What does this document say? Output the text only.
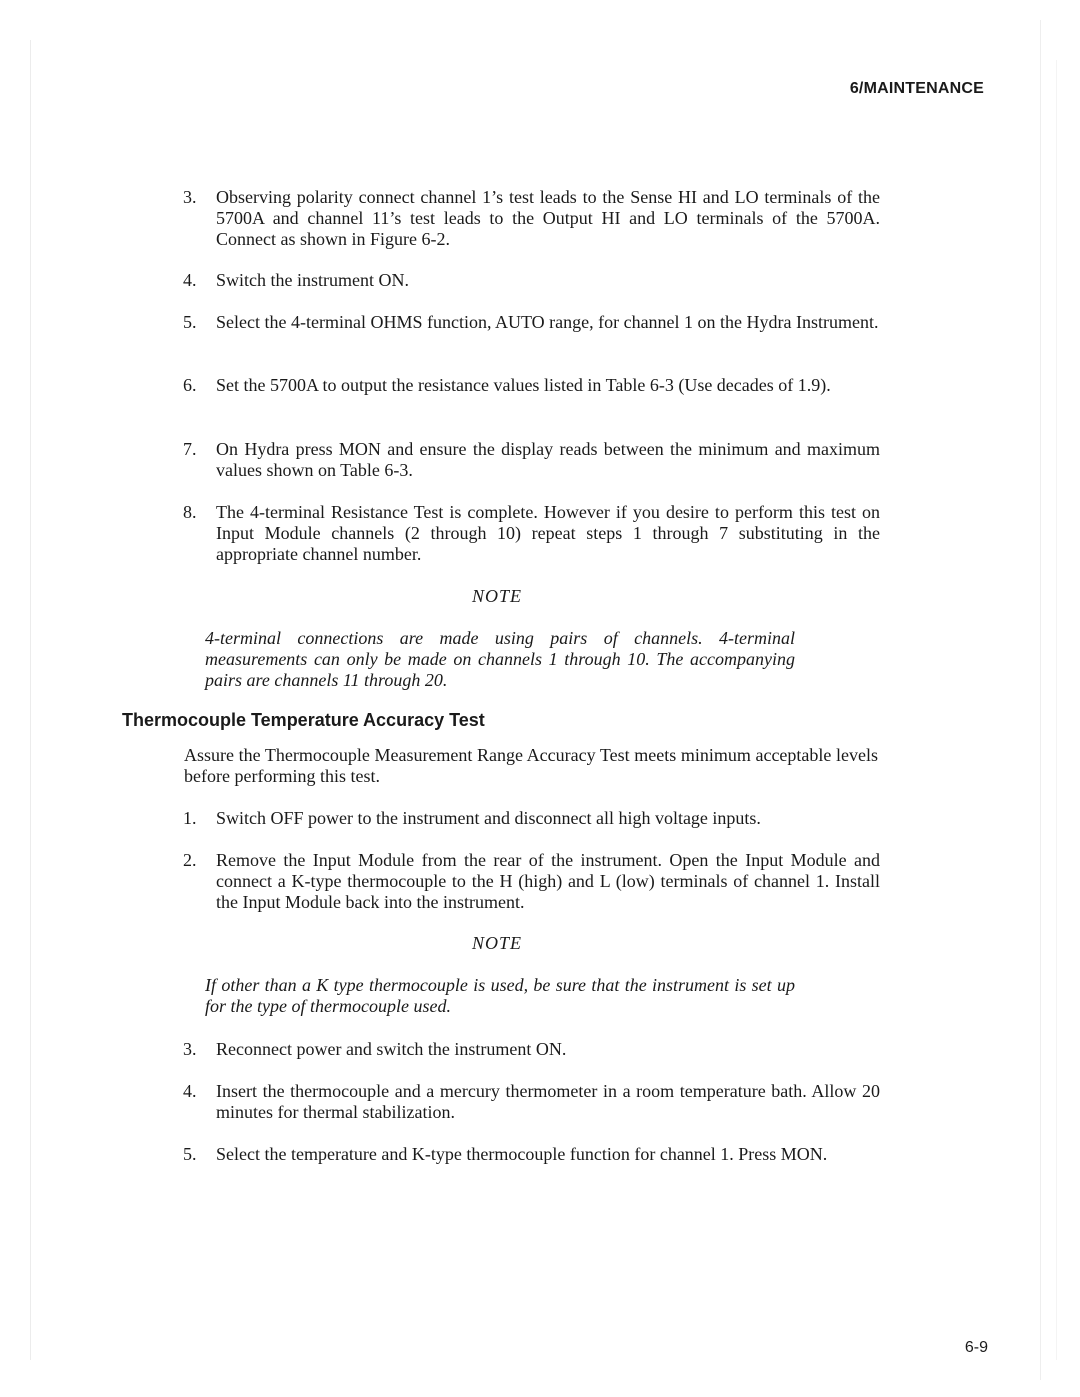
6/MAINTENANCE

3.	Observing polarity connect channel 1’s test leads to the Sense HI and LO terminals of the 5700A and channel 11’s test leads to the Output HI and LO terminals of the 5700A. Connect as shown in Figure 6-2.

4.	Switch the instrument ON.

5.	Select the 4-terminal OHMS function, AUTO range, for channel 1 on the Hydra Instrument.

6.	Set the 5700A to output the resistance values listed in Table 6-3 (Use decades of 1.9).

7.	On Hydra press MON and ensure the display reads between the minimum and maximum values shown on Table 6-3.

8.	The 4-terminal Resistance Test is complete. However if you desire to perform this test on Input Module channels (2 through 10) repeat steps 1 through 7 substituting in the appropriate channel number.

NOTE
4-terminal connections are made using pairs of channels. 4-terminal measurements can only be made on channels 1 through 10. The accompanying pairs are channels 11 through 20.
Thermocouple Temperature Accuracy Test
Assure the Thermocouple Measurement Range Accuracy Test meets minimum acceptable levels before performing this test.

1.	Switch OFF power to the instrument and disconnect all high voltage inputs.

2.	Remove the Input Module from the rear of the instrument. Open the Input Module and connect a K-type thermocouple to the H (high) and L (low) terminals of channel 1. Install the Input Module back into the instrument.

NOTE
If other than a K type thermocouple is used, be sure that the instrument is set up for the type of thermocouple used.

3.	Reconnect power and switch the instrument ON.

4.	Insert the thermocouple and a mercury thermometer in a room temperature bath. Allow 20 minutes for thermal stabilization.

5.	Select the temperature and K-type thermocouple function for channel 1. Press MON.

6-9
